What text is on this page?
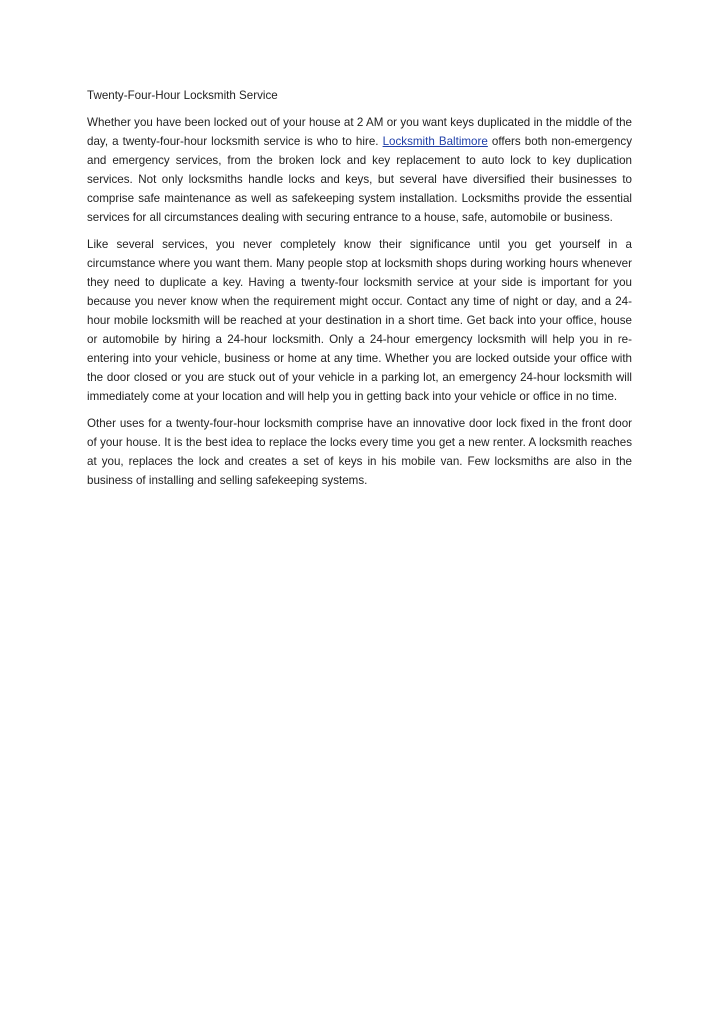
Twenty-Four-Hour Locksmith Service

Whether you have been locked out of your house at 2 AM or you want keys duplicated in the middle of the day, a twenty-four-hour locksmith service is who to hire. Locksmith Baltimore offers both non-emergency and emergency services, from the broken lock and key replacement to auto lock to key duplication services. Not only locksmiths handle locks and keys, but several have diversified their businesses to comprise safe maintenance as well as safekeeping system installation. Locksmiths provide the essential services for all circumstances dealing with securing entrance to a house, safe, automobile or business.

Like several services, you never completely know their significance until you get yourself in a circumstance where you want them. Many people stop at locksmith shops during working hours whenever they need to duplicate a key. Having a twenty-four locksmith service at your side is important for you because you never know when the requirement might occur. Contact any time of night or day, and a 24-hour mobile locksmith will be reached at your destination in a short time. Get back into your office, house or automobile by hiring a 24-hour locksmith. Only a 24-hour emergency locksmith will help you in re-entering into your vehicle, business or home at any time. Whether you are locked outside your office with the door closed or you are stuck out of your vehicle in a parking lot, an emergency 24-hour locksmith will immediately come at your location and will help you in getting back into your vehicle or office in no time.

Other uses for a twenty-four-hour locksmith comprise have an innovative door lock fixed in the front door of your house. It is the best idea to replace the locks every time you get a new renter. A locksmith reaches at you, replaces the lock and creates a set of keys in his mobile van. Few locksmiths are also in the business of installing and selling safekeeping systems.
